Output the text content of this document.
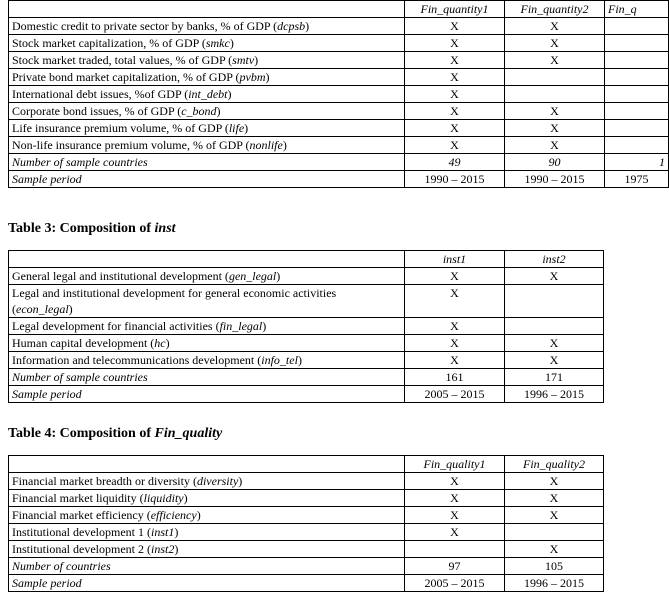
	Fin_quantity1	Fin_quantity2	Fin_q
Domestic credit to private sector by banks, % of GDP (dcpsb)	X	X	
Stock market capitalization, % of GDP (smkc)	X	X	
Stock market traded, total values, % of GDP (smtv)	X	X	
Private bond market capitalization, % of GDP (pvbm)	X		
International debt issues, %of GDP (int_debt)	X		
Corporate bond issues, % of GDP (c_bond)	X	X	
Life insurance premium volume, % of GDP (life)	X	X	
Non-life insurance premium volume, % of GDP (nonlife)	X	X	
Number of sample countries	49	90	1
Sample period	1990 – 2015	1990 – 2015	1975
Table 3: Composition of inst
	inst1	inst2
General legal and institutional development (gen_legal)	X	X
Legal and institutional development for general economic activities (econ_legal)	X	
Legal development for financial activities (fin_legal)	X	
Human capital development (hc)	X	X
Information and telecommunications development (info_tel)	X	X
Number of sample countries	161	171
Sample period	2005 – 2015	1996 – 2015
Table 4: Composition of Fin_quality
	Fin_quality1	Fin_quality2
Financial market breadth or diversity (diversity)	X	X
Financial market liquidity (liquidity)	X	X
Financial market efficiency (efficiency)	X	X
Institutional development 1 (inst1)	X	
Institutional development 2 (inst2)		X
Number of countries	97	105
Sample period	2005 – 2015	1996 – 2015
